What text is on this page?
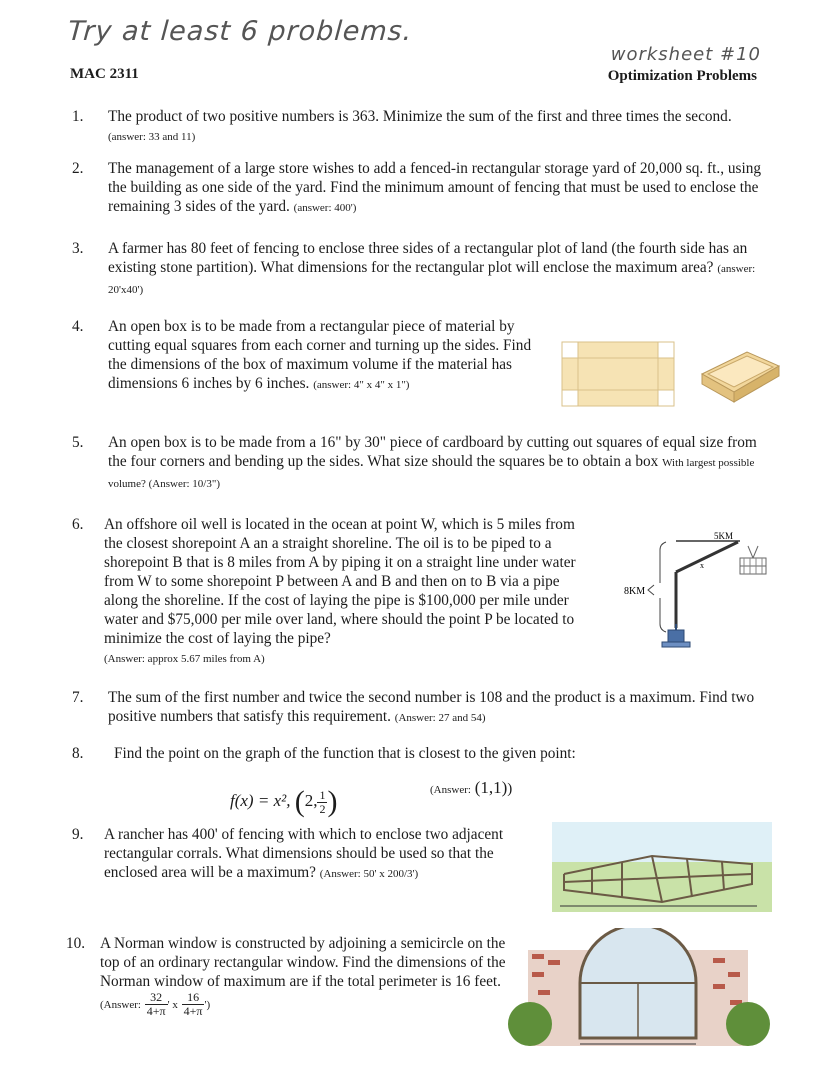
Try at least 6 problems.
worksheet #10
MAC 2311	Optimization Problems
1. The product of two positive numbers is 363. Minimize the sum of the first and three times the second. (answer: 33 and 11)
2. The management of a large store wishes to add a fenced-in rectangular storage yard of 20,000 sq. ft., using the building as one side of the yard. Find the minimum amount of fencing that must be used to enclose the remaining 3 sides of the yard. (answer: 400')
3. A farmer has 80 feet of fencing to enclose three sides of a rectangular plot of land (the fourth side has an existing stone partition). What dimensions for the rectangular plot will enclose the maximum area? (answer: 20'x40')
4. An open box is to be made from a rectangular piece of material by cutting equal squares from each corner and turning up the sides. Find the dimensions of the box of maximum volume if the material has dimensions 6 inches by 6 inches. (answer: 4" x 4" x 1")
5. An open box is to be made from a 16" by 30" piece of cardboard by cutting out squares of equal size from the four corners and bending up the sides. What size should the squares be to obtain a box With largest possible volume? (Answer: 10/3")
6. An offshore oil well is located in the ocean at point W, which is 5 miles from the closest shorepoint A an a straight shoreline. The oil is to be piped to a shorepoint B that is 8 miles from A by piping it on a straight line under water from W to some shorepoint P between A and B and then on to B via a pipe along the shoreline. If the cost of laying the pipe is $100,000 per mile under water and $75,000 per mile over land, where should the point P be located to minimize the cost of laying the pipe?
(Answer: approx 5.67 miles from A)
5KM
8KM
x
7. The sum of the first number and twice the second number is 108 and the product is a maximum. Find two positive numbers that satisfy this requirement. (Answer: 27 and 54)
8. Find the point on the graph of the function that is closest to the given point:
f(x) = x², (2, $\frac{1}{2}$ )	(Answer: (1,1))
9. A rancher has 400' of fencing with which to enclose two adjacent rectangular corrals. What dimensions should be used so that the enclosed area will be a maximum? (Answer: 50' x 200/3')
10. A Norman window is constructed by adjoining a semicircle on the top of an ordinary rectangular window. Find the dimensions of the Norman window of maximum are if the total perimeter is 16 feet. (Answer: $\frac{32}{4+\pi}$ ' x $\frac{16}{4+\pi}$ ')
